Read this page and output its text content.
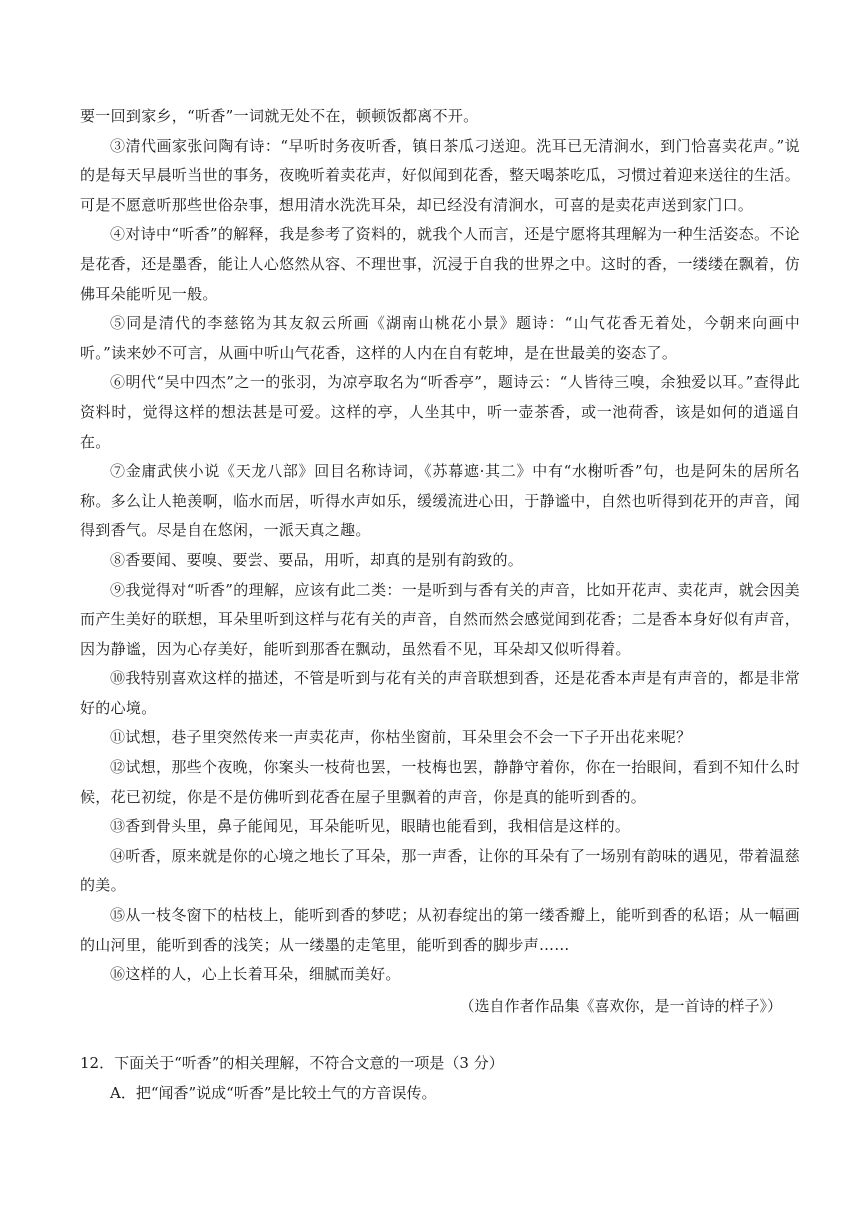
要一回到家乡，“听香”一词就无处不在，顿顿饭都离不开。

③清代画家张问陶有诗：“早听时务夜听香，镇日茶瓜刁送迎。洗耳已无清涧水，到门恰喜卖花声。”说的是每天早晨听当世的事务，夜晚听着卖花声，好似闻到花香，整天喝茶吃瓜，习惯过着迎来送往的生活。可是不愿意听那些世俗杂事，想用清水洗洗耳朵，却已经没有清涧水，可喜的是卖花声送到家门口。

④对诗中“听香”的解释，我是参考了资料的，就我个人而言，还是宁愿将其理解为一种生活姿态。不论是花香，还是墨香，能让人心悠然从容、不理世事，沉浸于自我的世界之中。这时的香，一缕缕在飘着，仿佛耳朵能听见一般。

⑤同是清代的李慈铭为其友叙云所画《湖南山桃花小景》题诗：“山气花香无着处，今朝来向画中听。”读来妙不可言，从画中听山气花香，这样的人内在自有乾坤，是在世最美的姿态了。

⑥明代“吴中四杰”之一的张羽，为凉亭取名为“听香亭”，题诗云：“人皆待三嗅，余独爱以耳。”查得此资料时，觉得这样的想法甚是可爱。这样的亭，人坐其中，听一壶茶香，或一池荷香，该是如何的逍遥自在。

⑦金庸武侠小说《天龙八部》回目名称诗词，《苏幕遮·其二》中有“水榭听香”句，也是阿朱的居所名称。多么让人艳羡啊，临水而居，听得水声如乐，缓缓流进心田，于静谧中，自然也听得到花开的声音，闻得到香气。尽是自在悠闲，一派天真之趣。

⑧香要闻、要嗅、要尝、要品，用听，却真的是别有韵致的。

⑨我觉得对“听香”的理解，应该有此二类：一是听到与香有关的声音，比如开花声、卖花声，就会因美而产生美好的联想，耳朵里听到这样与花有关的声音，自然而然会感觉闻到花香；二是香本身好似有声音，因为静谧，因为心存美好，能听到那香在飘动，虽然看不见，耳朵却又似听得着。

⑩我特别喜欢这样的描述，不管是听到与花有关的声音联想到香，还是花香本声是有声音的，都是非常好的心境。

⑪试想，巷子里突然传来一声卖花声，你枯坐窗前，耳朵里会不会一下子开出花来呢？

⑫试想，那些个夜晚，你案头一枝荷也罢，一枝梅也罢，静静守着你，你在一抬眼间，看到不知什么时候，花已初绽，你是不是仿佛听到花香在屋子里飘着的声音，你是真的能听到香的。

⑬香到骨头里，鼻子能闻见，耳朵能听见，眼睛也能看到，我相信是这样的。

⑭听香，原来就是你的心境之地长了耳朵，那一声香，让你的耳朵有了一场别有韵味的遇见，带着温慈的美。

⑮从一枝冬窗下的枯枝上，能听到香的梦呓；从初春绽出的第一缕香瓣上，能听到香的私语；从一幅画的山河里，能听到香的浅笑；从一缕墨的走笔里，能听到香的脚步声……

⑯这样的人，心上长着耳朵，细腻而美好。

（选自作者作品集《喜欢你，是一首诗的样子》）

12．下面关于“听香”的相关理解，不符合文意的一项是（3 分）

A．把“闻香”说成“听香”是比较土气的方音误传。
